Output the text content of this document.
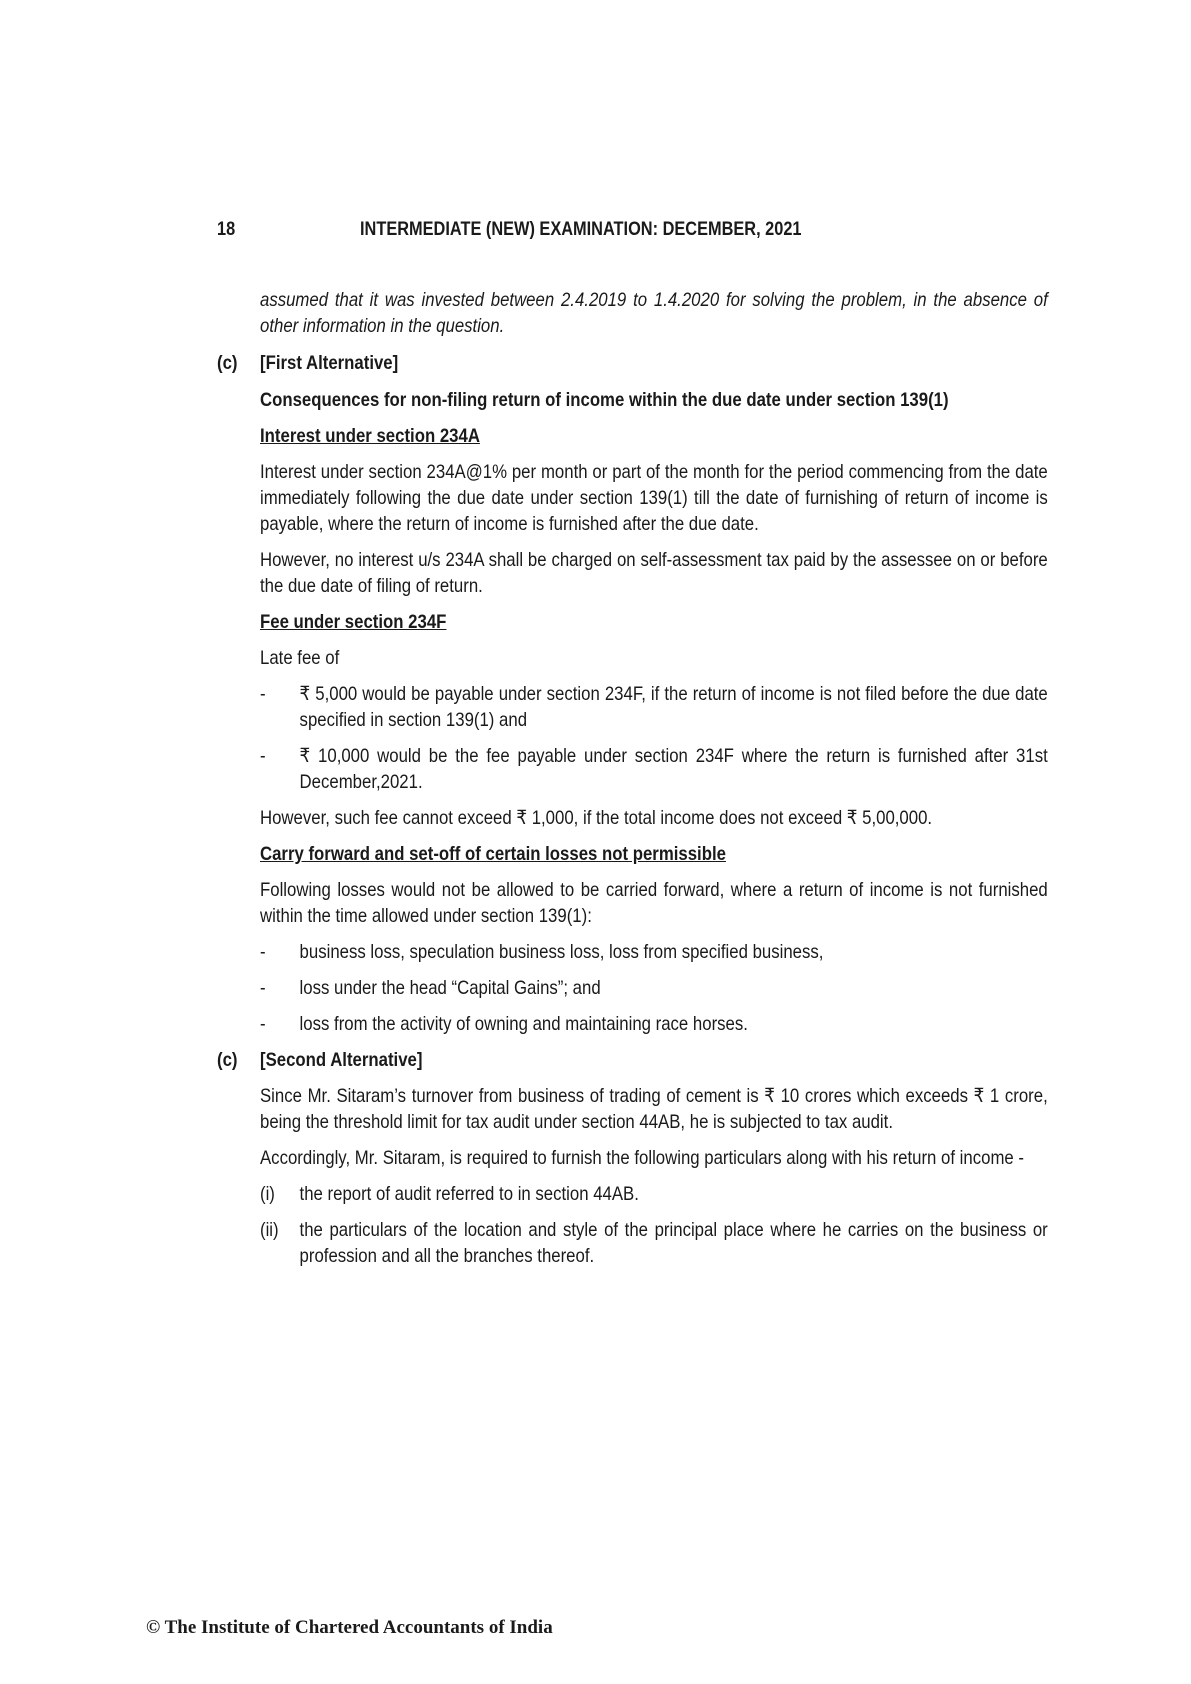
18	INTERMEDIATE (NEW) EXAMINATION: DECEMBER, 2021

assumed that it was invested between 2.4.2019 to 1.4.2020 for solving the problem, in the absence of other information in the question.

(c)	[First Alternative]

Consequences for non-filing return of income within the due date under section 139(1)

Interest under section 234A

Interest under section 234A@1% per month or part of the month for the period commencing from the date immediately following the due date under section 139(1) till the date of furnishing of return of income is payable, where the return of income is furnished after the due date.

However, no interest u/s 234A shall be charged on self-assessment tax paid by the assessee on or before the due date of filing of return.

Fee under section 234F

Late fee of

-	₹ 5,000 would be payable under section 234F, if the return of income is not filed before the due date specified in section 139(1) and
-	₹ 10,000 would be the fee payable under section 234F where the return is furnished after 31st December,2021.

However, such fee cannot exceed ₹ 1,000, if the total income does not exceed ₹ 5,00,000.

Carry forward and set-off of certain losses not permissible

Following losses would not be allowed to be carried forward, where a return of income is not furnished within the time allowed under section 139(1):

-	business loss, speculation business loss, loss from specified business,
-	loss under the head “Capital Gains”; and
-	loss from the activity of owning and maintaining race horses.
(c)	[Second Alternative]

Since Mr. Sitaram’s turnover from business of trading of cement is ₹ 10 crores which exceeds ₹ 1 crore, being the threshold limit for tax audit under section 44AB, he is subjected to tax audit.

Accordingly, Mr. Sitaram, is required to furnish the following particulars along with his return of income -

(i)	the report of audit referred to in section 44AB.
(ii)	the particulars of the location and style of the principal place where he carries on the business or profession and all the branches thereof.
© The Institute of Chartered Accountants of India
